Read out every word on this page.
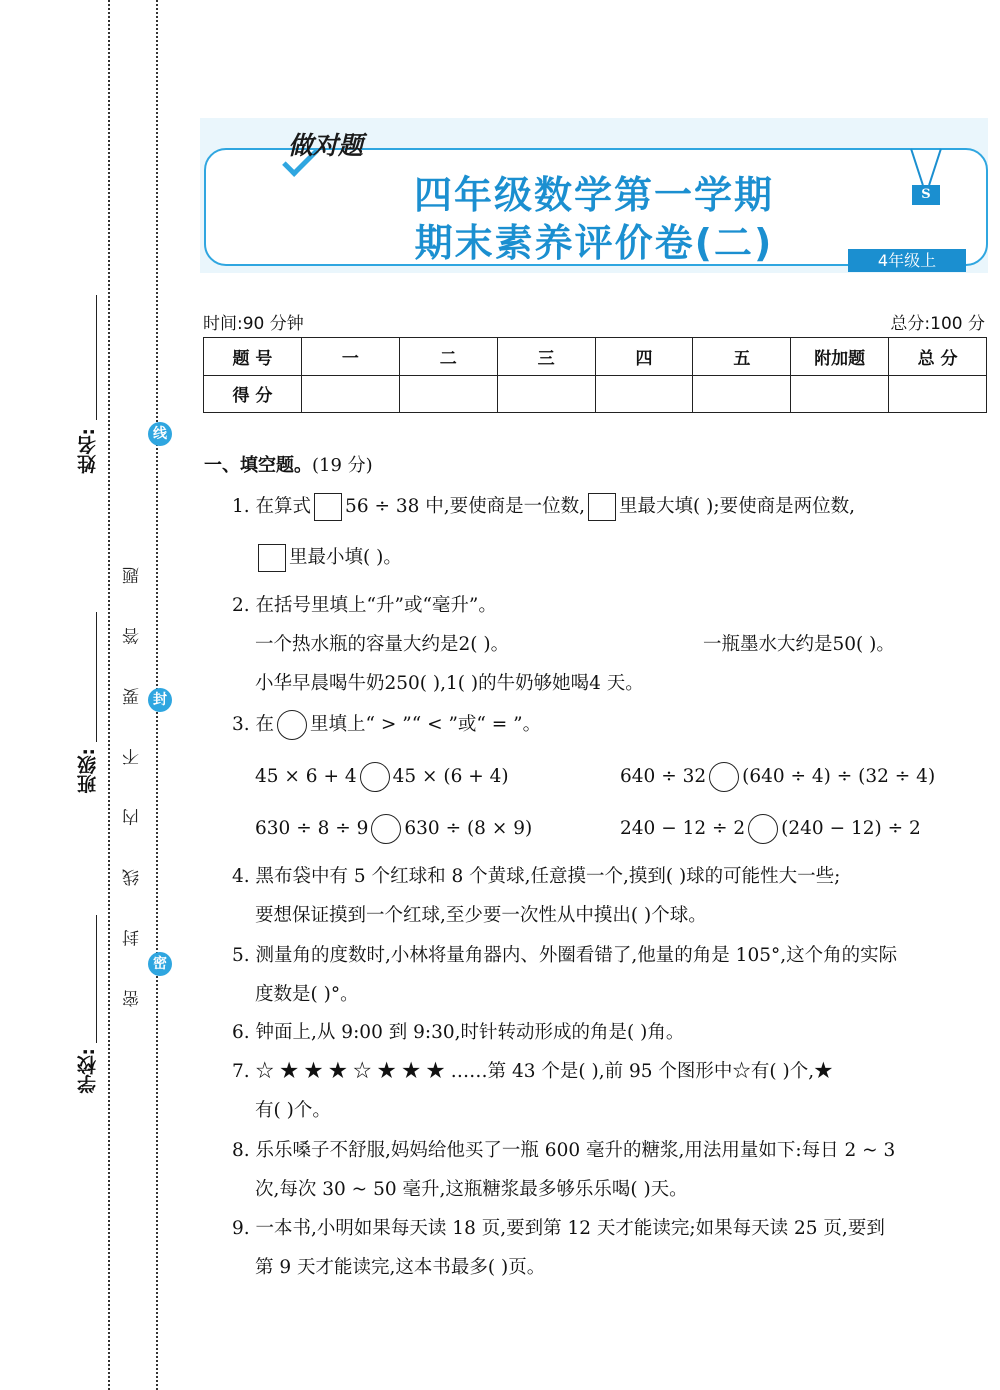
姓名:
班级:
学校:
线
封
密
密 封 线 内 不 要 答 题
做对题
四年级数学第一学期
期末素养评价卷(二)
S
4年级上
时间:90 分钟	总分:100 分
题 号	一	二	三	四	五	附加题	总 分
得 分							
一、填空题。(19 分)
1. 在算式 56 ÷ 38 中,要使商是一位数, 里最大填( );要使商是两位数,
里最小填( )。
2. 在括号里填上“升”或“毫升”。
一个热水瓶的容量大约是2( )。	一瓶墨水大约是50( )。
小华早晨喝牛奶250( ),1( )的牛奶够她喝4 天。
3. 在 里填上“ > ”“ < ”或“ = ”。
45 × 6 + 4 45 × (6 + 4)	640 ÷ 32 (640 ÷ 4) ÷ (32 ÷ 4)
630 ÷ 8 ÷ 9 630 ÷ (8 × 9)	240 − 12 ÷ 2 (240 − 12) ÷ 2
4. 黑布袋中有 5 个红球和 8 个黄球,任意摸一个,摸到( )球的可能性大一些;
要想保证摸到一个红球,至少要一次性从中摸出( )个球。
5. 测量角的度数时,小林将量角器内、外圈看错了,他量的角是 105°,这个角的实际
度数是( )°。
6. 钟面上,从 9:00 到 9:30,时针转动形成的角是( )角。
7. ☆ ★ ★ ★ ☆ ★ ★ ★ ……第 43 个是( ),前 95 个图形中☆有( )个,★
有( )个。
8. 乐乐嗓子不舒服,妈妈给他买了一瓶 600 毫升的糖浆,用法用量如下:每日 2 ~ 3
次,每次 30 ~ 50 毫升,这瓶糖浆最多够乐乐喝( )天。
9. 一本书,小明如果每天读 18 页,要到第 12 天才能读完;如果每天读 25 页,要到
第 9 天才能读完,这本书最多( )页。
